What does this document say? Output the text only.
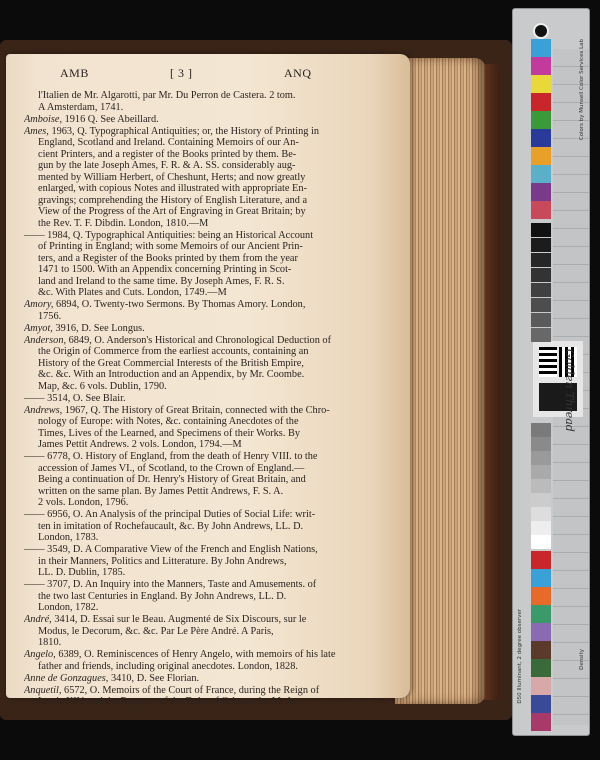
AMB	[ 3 ]	ANQ
l'Italien de Mr. Algarotti, par Mr. Du Perron de Castera. 2 tom.
A Amsterdam, 1741.
Amboise, 1916 Q. See Abeillard.
Ames, 1963, Q. Typographical Antiquities; or, the History of Printing in
England, Scotland and Ireland. Containing Memoirs of our An-
cient Printers, and a register of the Books printed by them. Be-
gun by the late Joseph Ames, F. R. & A. SS. considerably aug-
mented by William Herbert, of Cheshunt, Herts; and now greatly
enlarged, with copious Notes and illustrated with appropriate En-
gravings; comprehending the History of English Literature, and a
View of the Progress of the Art of Engraving in Great Britain; by
the Rev. T. F. Dibdin. London, 1810.—M
—— 1984, Q. Typographical Antiquities: being an Historical Account
of Printing in England; with some Memoirs of our Ancient Prin-
ters, and a Register of the Books printed by them from the year
1471 to 1500. With an Appendix concerning Printing in Scot-
land and Ireland to the same time. By Joseph Ames, F. R. S.
&c. With Plates and Cuts. London, 1749.—M
Amory, 6894, O. Twenty-two Sermons. By Thomas Amory. London,
1756.
Amyot, 3916, D. See Longus.
Anderson, 6849, O. Anderson's Historical and Chronological Deduction of
the Origin of Commerce from the earliest accounts, containing an
History of the Great Commercial Interests of the British Empire,
&c. &c. With an Introduction and an Appendix, by Mr. Coombe.
Map, &c. 6 vols. Dublin, 1790.
—— 3514, O. See Blair.
Andrews, 1967, Q. The History of Great Britain, connected with the Chro-
nology of Europe: with Notes, &c. containing Anecdotes of the
Times, Lives of the Learned, and Specimens of their Works. By
James Pettit Andrews. 2 vols. London, 1794.—M
—— 6778, O. History of England, from the death of Henry VIII. to the
accession of James VI., of Scotland, to the Crown of England.—
Being a continuation of Dr. Henry's History of Great Britain, and
written on the same plan. By James Pettit Andrews, F. S. A.
2 vols. London, 1796.
—— 6956, O. An Analysis of the principal Duties of Social Life: writ-
ten in imitation of Rochefaucault, &c. By John Andrews, LL. D.
London, 1783.
—— 3549, D. A Comparative View of the French and English Nations,
in their Manners, Politics and Litterature. By John Andrews,
LL. D. Dublin, 1785.
—— 3707, D. An Inquiry into the Manners, Taste and Amusements. of
the two last Centuries in England. By John Andrews, LL. D.
London, 1782.
André, 3414, D. Essai sur le Beau. Augmenté de Six Discours, sur le
Modus, le Decorum, &c. &c. Par Le Père André. A Paris,
1810.
Angelo, 6389, O. Reminiscences of Henry Angelo, with memoirs of his late
father and friends, including original anecdotes. London, 1828.
Anne de Gonzagues, 3410, D. See Florian.
Anquetil, 6572, O. Memoirs of the Court of France, during the Reign of
Lewis XIV. and the Regency of the Duke of Orleans: by M. An-
Colors by Munsell Color Services Lab
Density
D50 Illuminant, 2 degree observer
Golden Thread
